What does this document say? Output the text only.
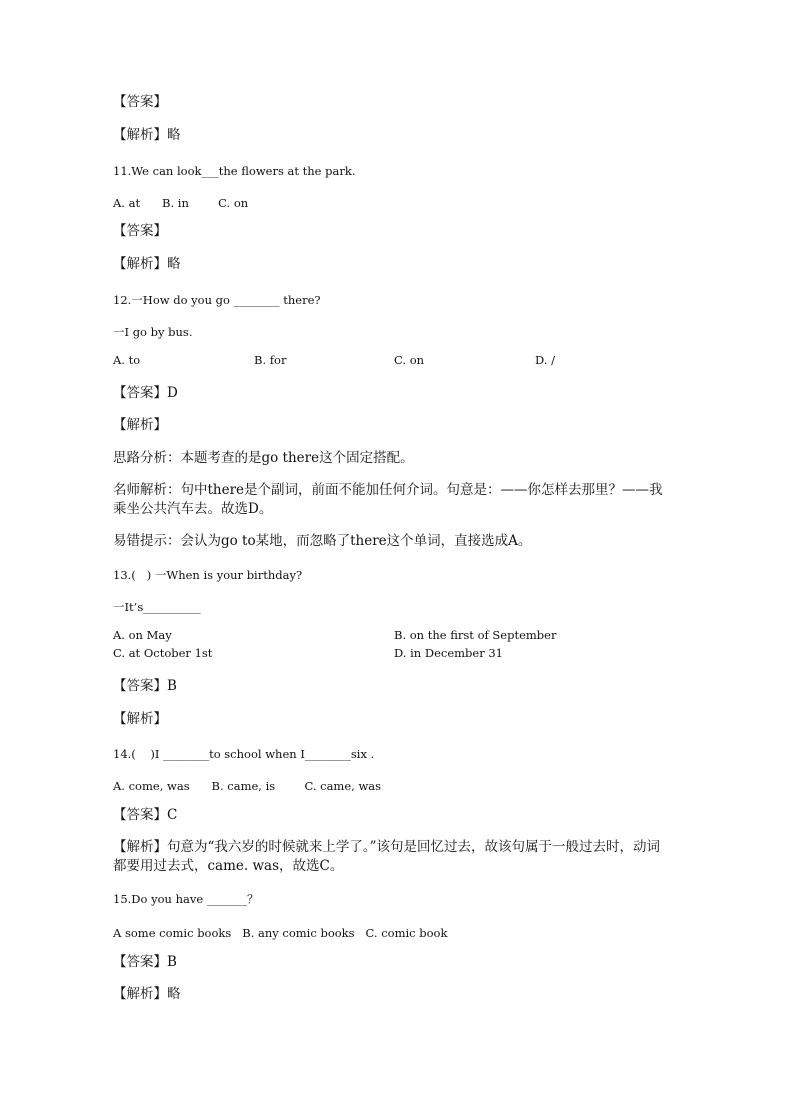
【答案】
【解析】略
11.We can look___the flowers at the park.
A. at      B. in        C. on
【答案】
【解析】略
12.一How do you go ________ there?
一I go by bus.
A. to	B. for	C. on	D. /
【答案】D
【解析】
思路分析：本题考查的是go there这个固定搭配。
名师解析：句中there是个副词，前面不能加任何介词。句意是：——你怎样去那里？——我乘坐公共汽车去。故选D。
易错提示：会认为go to某地，而忽略了there这个单词，直接选成A。
13.(   ) 一When is your birthday?
一It’s__________
A. on May	B. on the first of September
C. at October 1st	D. in December 31
【答案】B
【解析】
14.(    )I ________to school when I________six .
A. come, was      B. came, is        C. came, was
【答案】C
【解析】句意为“我六岁的时候就来上学了。”该句是回忆过去，故该句属于一般过去时，动词都要用过去式，came. was，故选C。
15.Do you have _______？
A some comic books   B. any comic books   C. comic book
【答案】B
【解析】略
